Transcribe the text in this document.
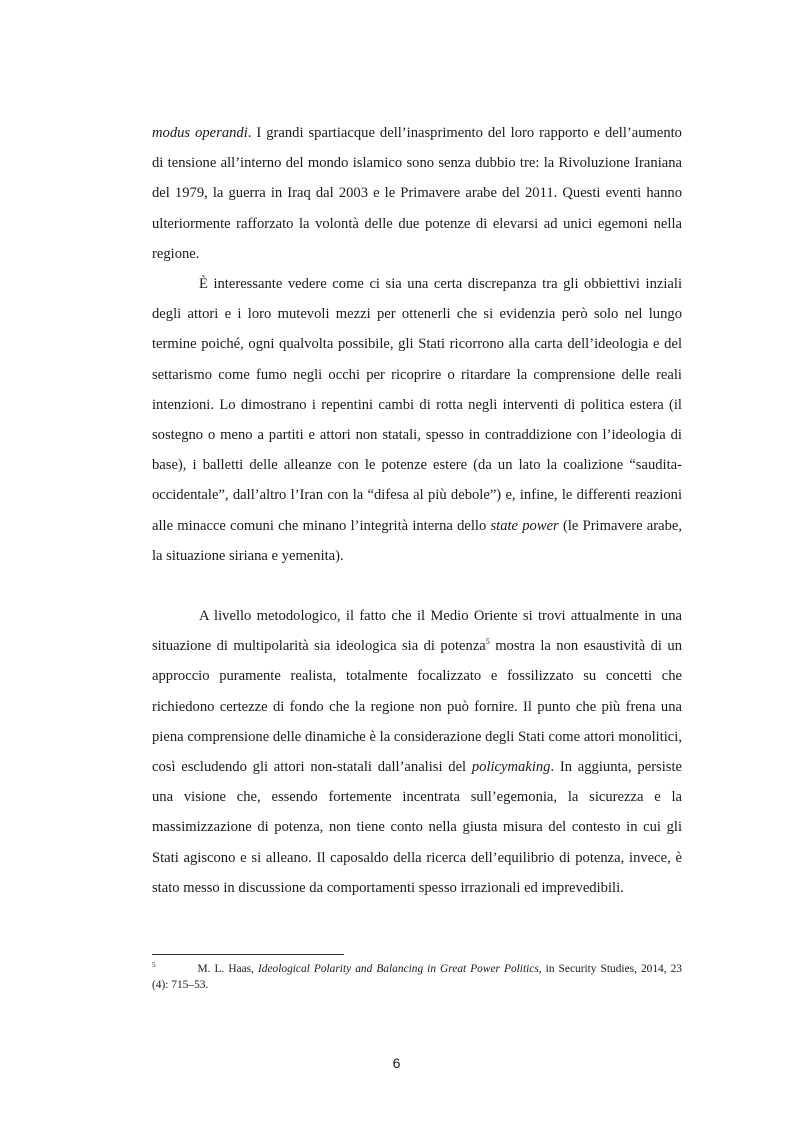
modus operandi. I grandi spartiacque dell’inasprimento del loro rapporto e dell’aumento di tensione all’interno del mondo islamico sono senza dubbio tre: la Rivoluzione Iraniana del 1979, la guerra in Iraq dal 2003 e le Primavere arabe del 2011. Questi eventi hanno ulteriormente rafforzato la volontà delle due potenze di elevarsi ad unici egemoni nella regione.

È interessante vedere come ci sia una certa discrepanza tra gli obbiettivi inziali degli attori e i loro mutevoli mezzi per ottenerli che si evidenzia però solo nel lungo termine poiché, ogni qualvolta possibile, gli Stati ricorrono alla carta dell’ideologia e del settarismo come fumo negli occhi per ricoprire o ritardare la comprensione delle reali intenzioni. Lo dimostrano i repentini cambi di rotta negli interventi di politica estera (il sostegno o meno a partiti e attori non statali, spesso in contraddizione con l’ideologia di base), i balletti delle alleanze con le potenze estere (da un lato la coalizione “saudita-occidentale”, dall’altro l’Iran con la “difesa al più debole”) e, infine, le differenti reazioni alle minacce comuni che minano l’integrità interna dello state power (le Primavere arabe, la situazione siriana e yemenita).

A livello metodologico, il fatto che il Medio Oriente si trovi attualmente in una situazione di multipolarità sia ideologica sia di potenza$^5$ mostra la non esaustività di un approccio puramente realista, totalmente focalizzato e fossilizzato su concetti che richiedono certezze di fondo che la regione non può fornire. Il punto che più frena una piena comprensione delle dinamiche è la considerazione degli Stati come attori monolitici, così escludendo gli attori non-statali dall’analisi del policymaking. In aggiunta, persiste una visione che, essendo fortemente incentrata sull’egemonia, la sicurezza e la massimizzazione di potenza, non tiene conto nella giusta misura del contesto in cui gli Stati agiscono e si alleano. Il caposaldo della ricerca dell’equilibrio di potenza, invece, è stato messo in discussione da comportamenti spesso irrazionali ed imprevedibili.

$^5$	M. L. Haas, Ideological Polarity and Balancing in Great Power Politics, in Security Studies, 2014, 23 (4): 715–53.
6
